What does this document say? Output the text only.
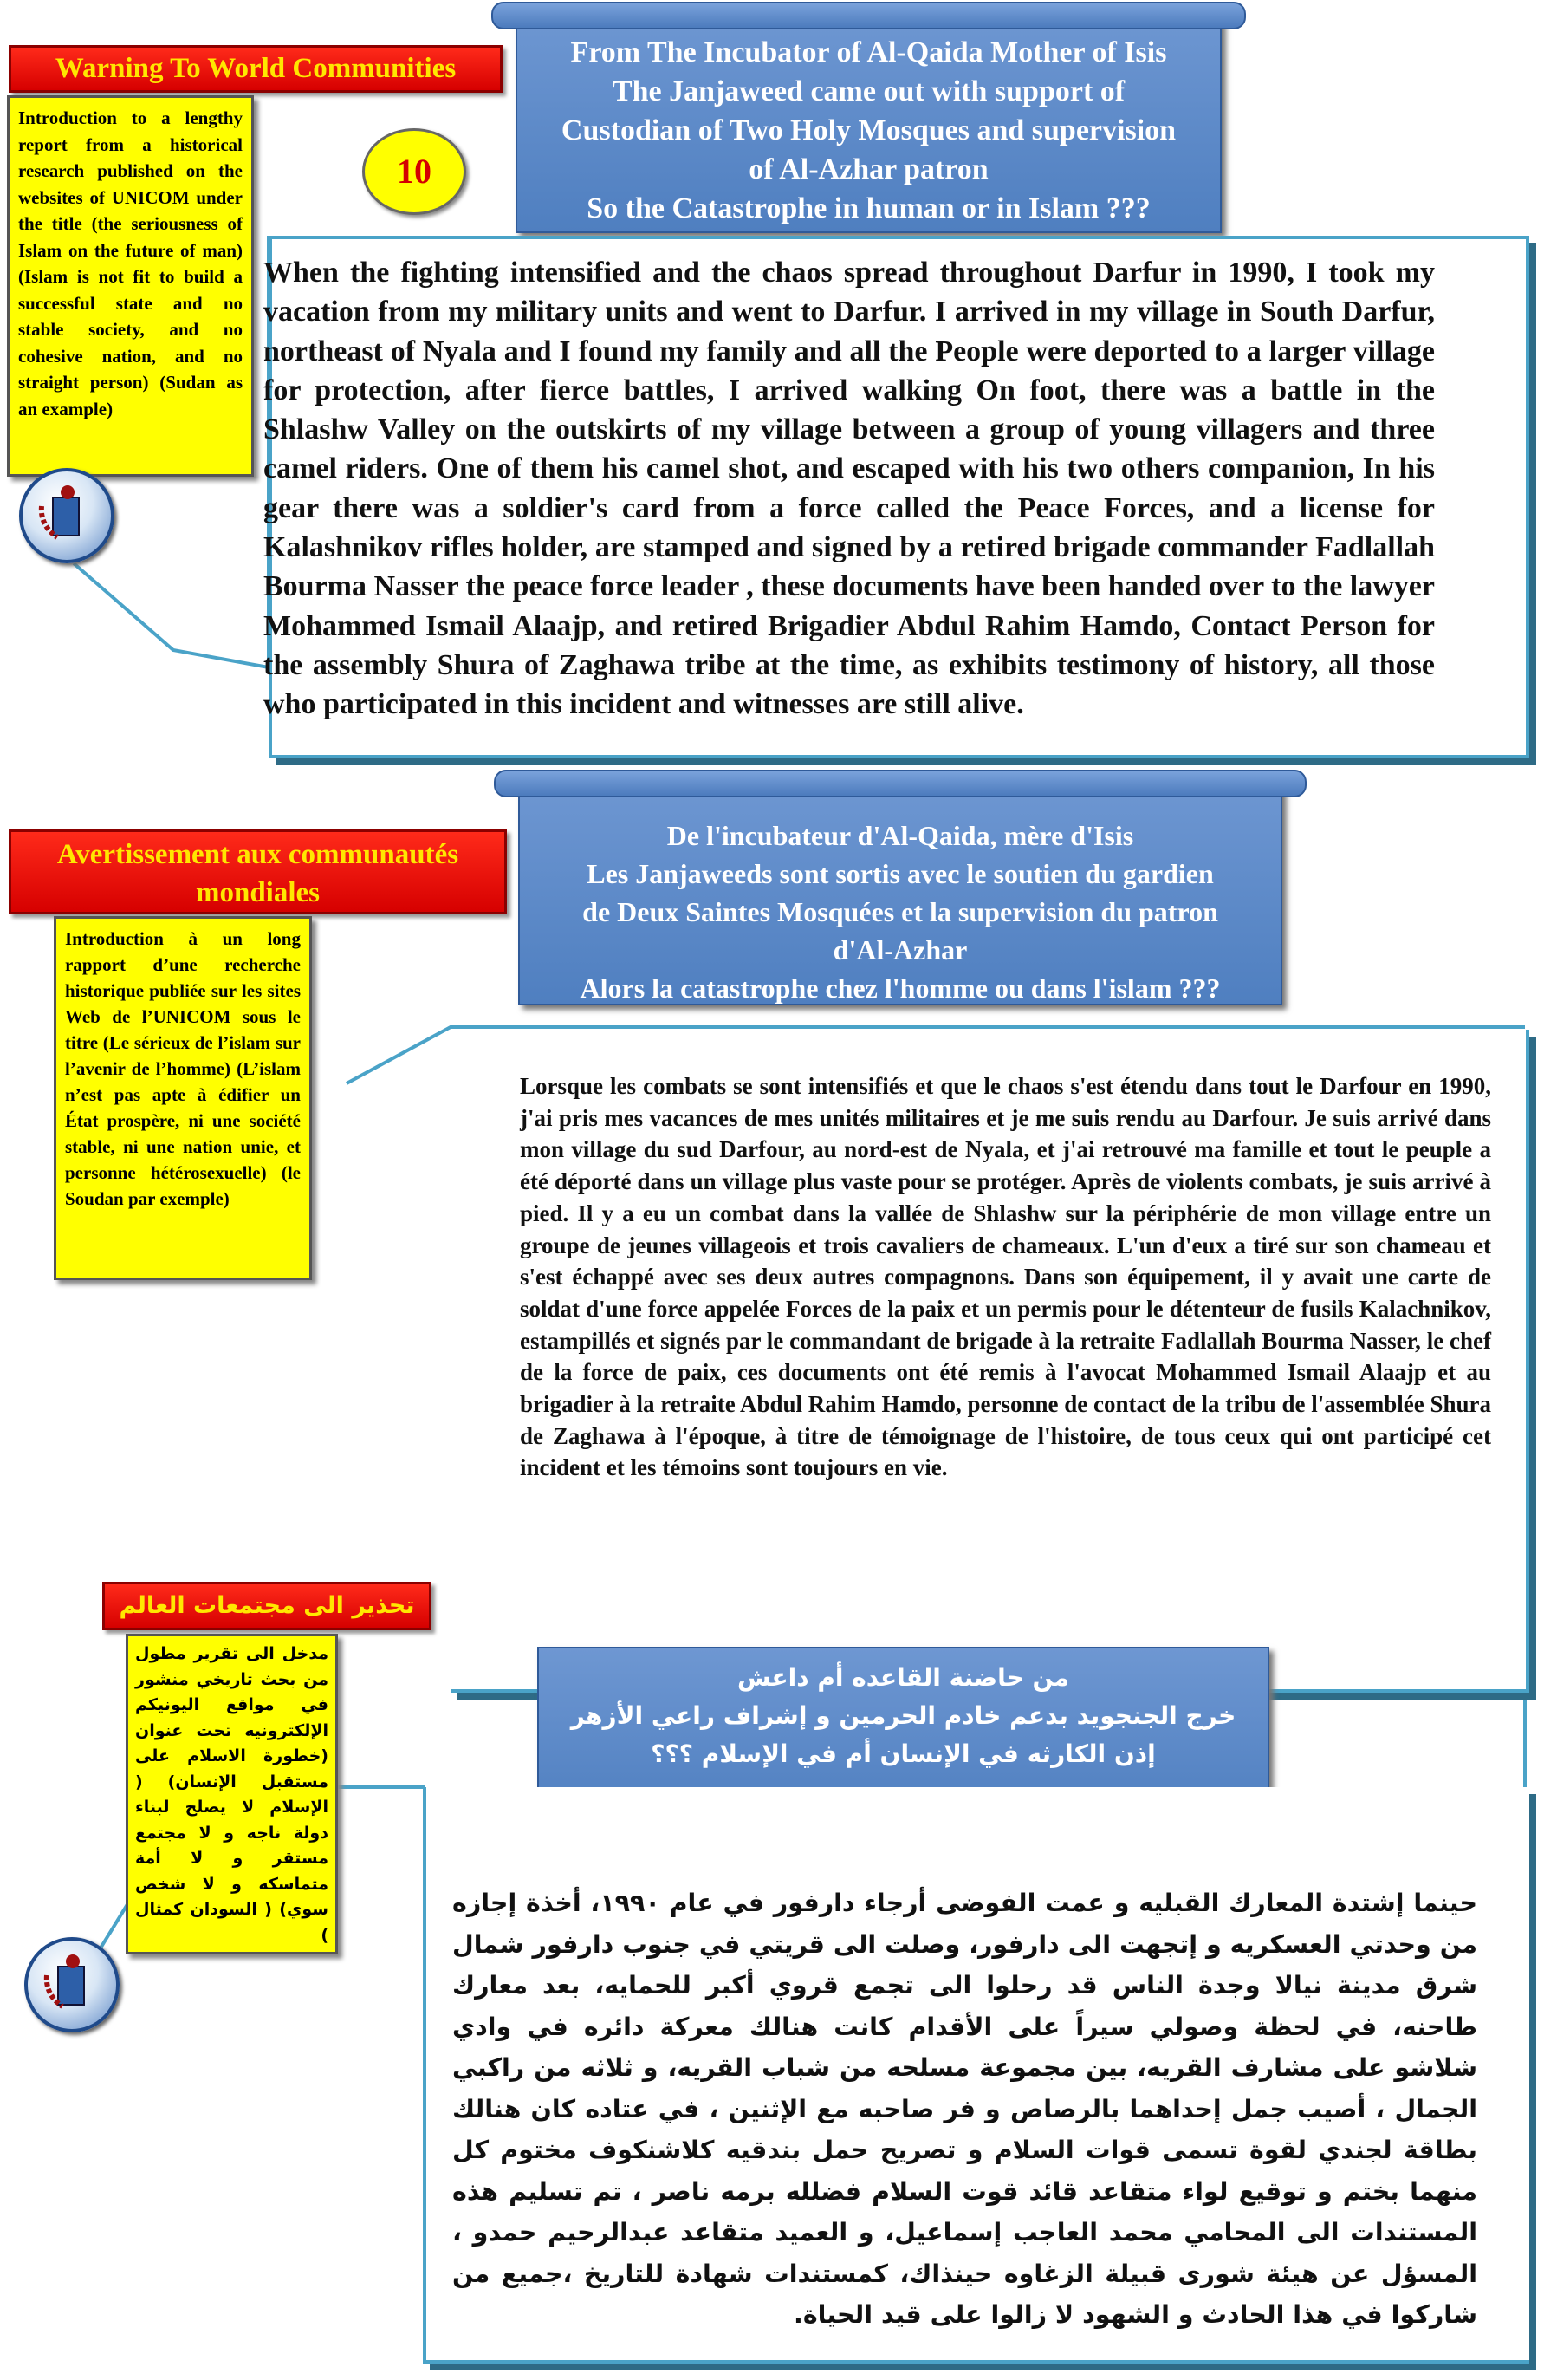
Warning To World Communities
Introduction to a lengthy report from a historical research published on the websites of UNICOM under the title (the seriousness of Islam on the future of man) (Islam is not fit to build a successful state and no stable society, and no cohesive nation, and no straight person) (Sudan as an example)
10
From The Incubator of Al-Qaida Mother of Isis
The Janjaweed came out with support of
Custodian of Two Holy Mosques and supervision
of Al-Azhar patron
So the Catastrophe in human or in Islam ???
When the fighting intensified and the chaos spread throughout Darfur in 1990, I took my vacation from my military units and went to Darfur. I arrived in my village in South Darfur, northeast of Nyala and I found my family and all the People were deported to a larger village for protection, after fierce battles, I arrived walking On foot, there was a battle in the Shlashw Valley on the outskirts of my village between a group of young villagers and three camel riders. One of them his camel shot, and escaped with his two others companion, In his gear there was a soldier's card from a force called the Peace Forces, and a license for Kalashnikov rifles holder, are stamped and signed by a retired brigade commander Fadlallah Bourma Nasser the peace force leader , these documents have been handed over to the lawyer Mohammed Ismail Alaajp, and retired Brigadier Abdul Rahim Hamdo, Contact Person for the assembly Shura of Zaghawa tribe at the time, as exhibits testimony of history, all those who participated in this incident and witnesses are still alive.
Avertissement aux communautés mondiales
Introduction à un long rapport d’une recherche historique publiée sur les sites Web de l’UNICOM sous le titre (Le sérieux de l’islam sur l’avenir de l’homme) (L’islam n’est pas apte à édifier un État prospère, ni une société stable, ni une nation unie, et personne hétérosexuelle) (le Soudan par exemple)
De l'incubateur d'Al-Qaida, mère d'Isis
Les Janjaweeds sont sortis avec le soutien du gardien
de Deux Saintes Mosquées et la supervision du patron
d'Al-Azhar
Alors la catastrophe chez l'homme ou dans l'islam ???
Lorsque les combats se sont intensifiés et que le chaos s'est étendu dans tout le Darfour en 1990, j'ai pris mes vacances de mes unités militaires et je me suis rendu au Darfour. Je suis arrivé dans mon village du sud Darfour, au nord-est de Nyala, et j'ai retrouvé ma famille et tout le peuple a été déporté dans un village plus vaste pour se protéger. Après de violents combats, je suis arrivé à pied. Il y a eu un combat dans la vallée de Shlashw sur la périphérie de mon village entre un groupe de jeunes villageois et trois cavaliers de chameaux. L'un d'eux a tiré sur son chameau et s'est échappé avec ses deux autres compagnons. Dans son équipement, il y avait une carte de soldat d'une force appelée Forces de la paix et un permis pour le détenteur de fusils Kalachnikov, estampillés et signés par le commandant de brigade à la retraite Fadlallah Bourma Nasser, le chef de la force de paix, ces documents ont été remis à l'avocat Mohammed Ismail Alaajp et au brigadier à la retraite Abdul Rahim Hamdo, personne de contact de la tribu de l'assemblée Shura de Zaghawa à l'époque, à titre de témoignage de l'histoire, de tous ceux qui ont participé cet incident et les témoins sont toujours en vie.
تحذير الى مجتمعات العالم
مدخل الى تقرير مطول من بحث تاريخي منشور في مواقع اليونيكم الإلكترونيه تحت عنوان (خطورة الاسلام على مستقبل الإنسان) ( الإسلام لا يصلح لبناء دولة ناجه و لا مجتمع مستقر و لا أمة متماسكه و لا شخص سوي) ( السودان كمثال )
من حاضنة القاعده أم داعش
خرج الجنجويد بدعم خادم الحرمين و إشراف راعي الأزهر
إذن الكارثه في الإنسان أم في الإسلام ؟؟؟
حينما إشتدة المعارك القبليه و عمت الفوضى أرجاء دارفور في عام ١٩٩٠، أخذة إجازه من وحدتي العسكريه و إتجهت الى دارفور، وصلت الى قريتي في جنوب دارفور شمال شرق مدينة نيالا وجدة الناس قد رحلوا الى تجمع قروي أكبر للحمايه، بعد معارك طاحنه، في لحظة وصولي سيراً على الأقدام كانت هنالك معركة دائره في وادي شلاشو على مشارف القريه، بين مجموعة مسلحه من شباب القريه، و ثلاثه من راكبي الجمال ، أصيب جمل إحداهما بالرصاص و فر صاحبه مع الإثنين ، في عتاده كان هنالك بطاقة لجندي لقوة تسمى قوات السلام و تصريح حمل بندقيه كلاشنكوف مختوم كل منهما بختم و توقيع لواء متقاعد قائد قوت السلام فضلله برمه ناصر ، تم تسليم هذه المستندات الى المحامي محمد العاجب إسماعيل، و العميد متقاعد عبدالرحيم حمدو ، المسؤل عن هيئة شورى قبيلة الزغاوه حينذاك، كمستندات شهادة للتاريخ ،جميع من شاركوا في هذا الحادث و الشهود لا زالوا على قيد الحياة.
